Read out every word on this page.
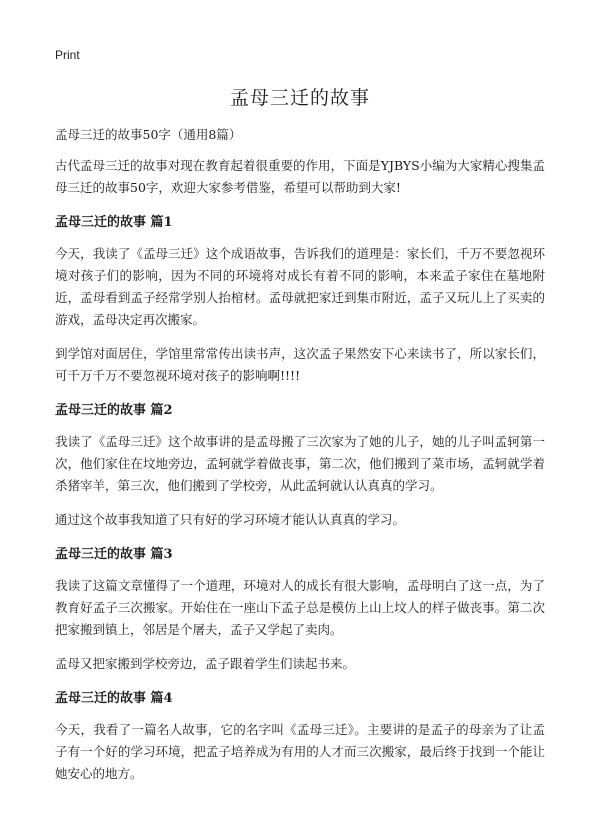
Print
孟母三迁的故事
孟母三迁的故事50字（通用8篇）

古代孟母三迁的故事对现在教育起着很重要的作用，下面是YJBYS小编为大家精心搜集孟母三迁的故事50字，欢迎大家参考借鉴，希望可以帮助到大家!

孟母三迁的故事 篇1

今天，我读了《孟母三迁》这个成语故事，告诉我们的道理是：家长们，千万不要忽视环境对孩子们的影响，因为不同的环境将对成长有着不同的影响，本来孟子家住在墓地附近，孟母看到孟子经常学别人抬棺材。孟母就把家迁到集市附近，孟子又玩儿上了买卖的游戏，孟母决定再次搬家。

到学馆对面居住，学馆里常常传出读书声，这次孟子果然安下心来读书了，所以家长们，可千万千万不要忽视环境对孩子的影响啊!!!!

孟母三迁的故事 篇2

我读了《孟母三迁》这个故事讲的是孟母搬了三次家为了她的儿子，她的儿子叫孟轲第一次，他们家住在坟地旁边，孟轲就学着做丧事，第二次，他们搬到了菜市场，孟轲就学着杀猪宰羊，第三次，他们搬到了学校旁，从此孟轲就认认真真的学习。

通过这个故事我知道了只有好的学习环境才能认认真真的学习。

孟母三迁的故事 篇3

我读了这篇文章懂得了一个道理，环境对人的成长有很大影响，孟母明白了这一点，为了教育好孟子三次搬家。开始住在一座山下孟子总是模仿上山上坟人的样子做丧事。第二次把家搬到镇上，邻居是个屠夫，孟子又学起了卖肉。

孟母又把家搬到学校旁边，孟子跟着学生们读起书来。

孟母三迁的故事 篇4

今天，我看了一篇名人故事，它的名字叫《孟母三迁》。主要讲的是孟子的母亲为了让孟子有一个好的学习环境，把孟子培养成为有用的人才而三次搬家，最后终于找到一个能让她安心的地方。
